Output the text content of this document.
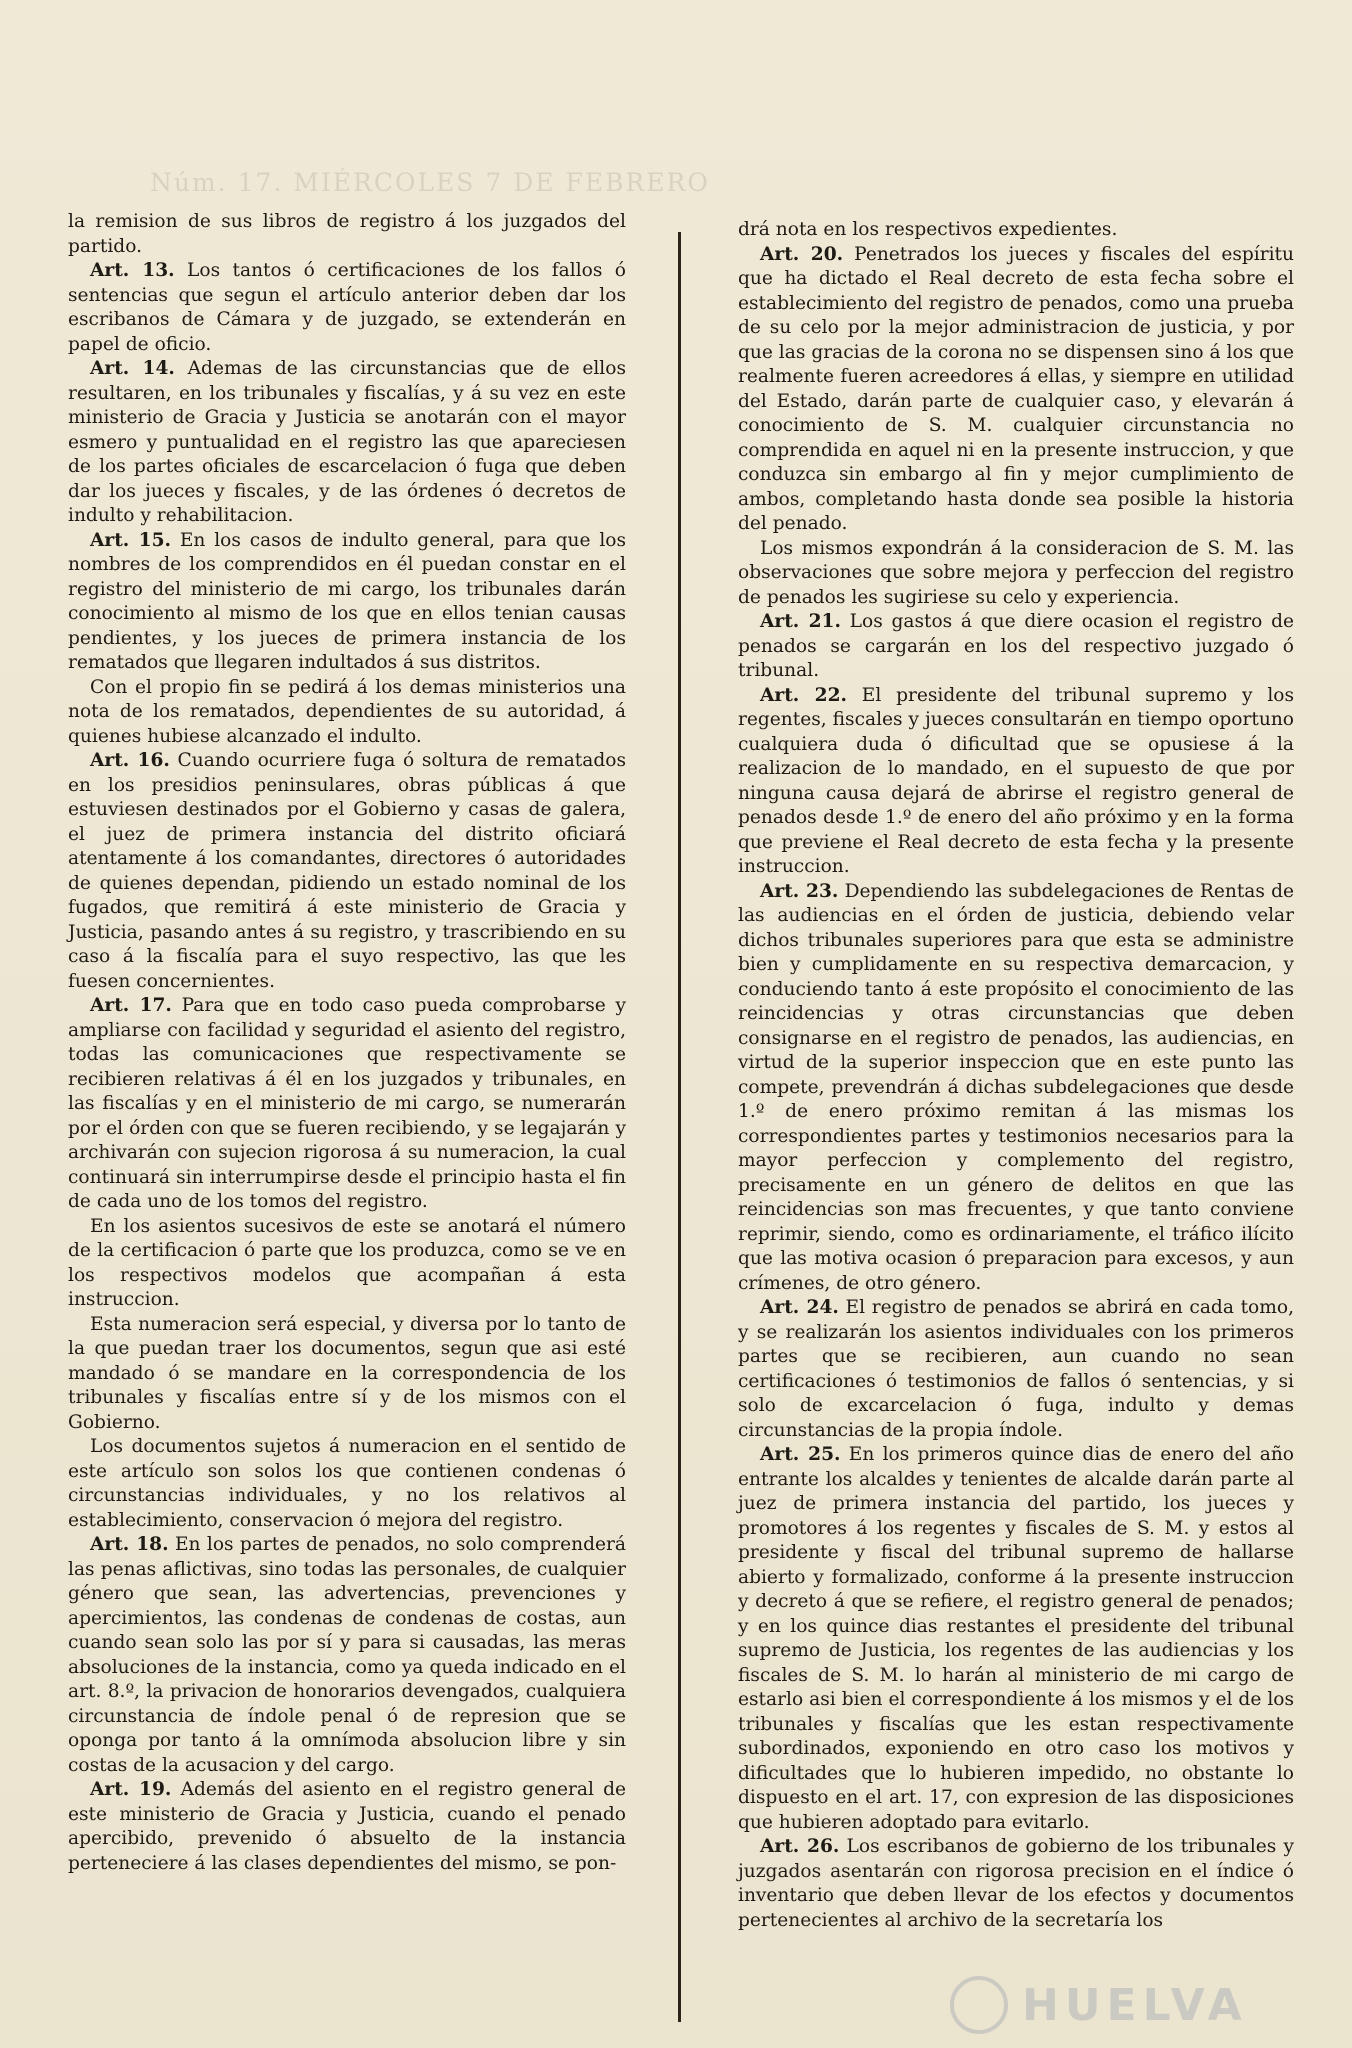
Núm. 17. MIÉRCOLES 7 DE FEBRERO

la remision de sus libros de registro á los juzgados del partido.

Art. 13. Los tantos ó certificaciones de los fallos ó sentencias que segun el artículo anterior deben dar los escribanos de Cámara y de juzgado, se extenderán en papel de oficio.

Art. 14. Ademas de las circunstancias que de ellos resultaren, en los tribunales y fiscalías, y á su vez en este ministerio de Gracia y Justicia se anotarán con el mayor esmero y puntualidad en el registro las que apareciesen de los partes oficiales de escarcelacion ó fuga que deben dar los jueces y fiscales, y de las órdenes ó decretos de indulto y rehabilitacion.

Art. 15. En los casos de indulto general, para que los nombres de los comprendidos en él puedan constar en el registro del ministerio de mi cargo, los tribunales darán conocimiento al mismo de los que en ellos tenian causas pendientes, y los jueces de primera instancia de los rematados que llegaren indultados á sus distritos.

Con el propio fin se pedirá á los demas ministerios una nota de los rematados, dependientes de su autoridad, á quienes hubiese alcanzado el indulto.

Art. 16. Cuando ocurriere fuga ó soltura de rematados en los presidios peninsulares, obras públicas á que estuviesen destinados por el Gobierno y casas de galera, el juez de primera instancia del distrito oficiará atentamente á los comandantes, directores ó autoridades de quienes dependan, pidiendo un estado nominal de los fugados, que remitirá á este ministerio de Gracia y Justicia, pasando antes á su registro, y trascribiendo en su caso á la fiscalía para el suyo respectivo, las que les fuesen concernientes.

Art. 17. Para que en todo caso pueda comprobarse y ampliarse con facilidad y seguridad el asiento del registro, todas las comunicaciones que respectivamente se recibieren relativas á él en los juzgados y tribunales, en las fiscalías y en el ministerio de mi cargo, se numerarán por el órden con que se fueren recibiendo, y se legajarán y archivarán con sujecion rigorosa á su numeracion, la cual continuará sin interrumpirse desde el principio hasta el fin de cada uno de los tomos del registro.

En los asientos sucesivos de este se anotará el número de la certificacion ó parte que los produzca, como se ve en los respectivos modelos que acompañan á esta instruccion.

Esta numeracion será especial, y diversa por lo tanto de la que puedan traer los documentos, segun que asi esté mandado ó se mandare en la correspondencia de los tribunales y fiscalías entre sí y de los mismos con el Gobierno.

Los documentos sujetos á numeracion en el sentido de este artículo son solos los que contienen condenas ó circunstancias individuales, y no los relativos al establecimiento, conservacion ó mejora del registro.

Art. 18. En los partes de penados, no solo comprenderá las penas aflictivas, sino todas las personales, de cualquier género que sean, las advertencias, prevenciones y apercimientos, las condenas de condenas de costas, aun cuando sean solo las por sí y para si causadas, las meras absoluciones de la instancia, como ya queda indicado en el art. 8.º, la privacion de honorarios devengados, cualquiera circunstancia de índole penal ó de represion que se oponga por tanto á la omnímoda absolucion libre y sin costas de la acusacion y del cargo.

Art. 19. Además del asiento en el registro general de este ministerio de Gracia y Justicia, cuando el penado apercibido, prevenido ó absuelto de la instancia perteneciere á las clases dependientes del mismo, se pon-

drá nota en los respectivos expedientes.

Art. 20. Penetrados los jueces y fiscales del espíritu que ha dictado el Real decreto de esta fecha sobre el establecimiento del registro de penados, como una prueba de su celo por la mejor administracion de justicia, y por que las gracias de la corona no se dispensen sino á los que realmente fueren acreedores á ellas, y siempre en utilidad del Estado, darán parte de cualquier caso, y elevarán á conocimiento de S. M. cualquier circunstancia no comprendida en aquel ni en la presente instruccion, y que conduzca sin embargo al fin y mejor cumplimiento de ambos, completando hasta donde sea posible la historia del penado.

Los mismos expondrán á la consideracion de S. M. las observaciones que sobre mejora y perfeccion del registro de penados les sugiriese su celo y experiencia.

Art. 21. Los gastos á que diere ocasion el registro de penados se cargarán en los del respectivo juzgado ó tribunal.

Art. 22. El presidente del tribunal supremo y los regentes, fiscales y jueces consultarán en tiempo oportuno cualquiera duda ó dificultad que se opusiese á la realizacion de lo mandado, en el supuesto de que por ninguna causa dejará de abrirse el registro general de penados desde 1.º de enero del año próximo y en la forma que previene el Real decreto de esta fecha y la presente instruccion.

Art. 23. Dependiendo las subdelegaciones de Rentas de las audiencias en el órden de justicia, debiendo velar dichos tribunales superiores para que esta se administre bien y cumplidamente en su respectiva demarcacion, y conduciendo tanto á este propósito el conocimiento de las reincidencias y otras circunstancias que deben consignarse en el registro de penados, las audiencias, en virtud de la superior inspeccion que en este punto las compete, prevendrán á dichas subdelegaciones que desde 1.º de enero próximo remitan á las mismas los correspondientes partes y testimonios necesarios para la mayor perfeccion y complemento del registro, precisamente en un género de delitos en que las reincidencias son mas frecuentes, y que tanto conviene reprimir, siendo, como es ordinariamente, el tráfico ilícito que las motiva ocasion ó preparacion para excesos, y aun crímenes, de otro género.

Art. 24. El registro de penados se abrirá en cada tomo, y se realizarán los asientos individuales con los primeros partes que se recibieren, aun cuando no sean certificaciones ó testimonios de fallos ó sentencias, y si solo de excarcelacion ó fuga, indulto y demas circunstancias de la propia índole.

Art. 25. En los primeros quince dias de enero del año entrante los alcaldes y tenientes de alcalde darán parte al juez de primera instancia del partido, los jueces y promotores á los regentes y fiscales de S. M. y estos al presidente y fiscal del tribunal supremo de hallarse abierto y formalizado, conforme á la presente instruccion y decreto á que se refiere, el registro general de penados; y en los quince dias restantes el presidente del tribunal supremo de Justicia, los regentes de las audiencias y los fiscales de S. M. lo harán al ministerio de mi cargo de estarlo asi bien el correspondiente á los mismos y el de los tribunales y fiscalías que les estan respectivamente subordinados, exponiendo en otro caso los motivos y dificultades que lo hubieren impedido, no obstante lo dispuesto en el art. 17, con expresion de las disposiciones que hubieren adoptado para evitarlo.

Art. 26. Los escribanos de gobierno de los tribunales y juzgados asentarán con rigorosa precision en el índice ó inventario que deben llevar de los efectos y documentos pertenecientes al archivo de la secretaría los

HUELVA
